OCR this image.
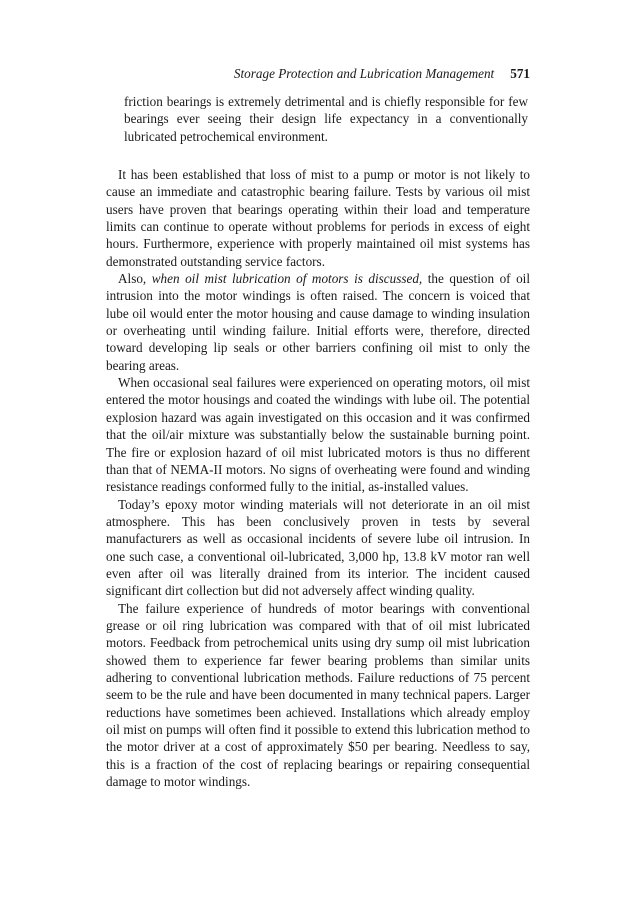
Storage Protection and Lubrication Management 571

friction bearings is extremely detrimental and is chiefly responsible for few bearings ever seeing their design life expectancy in a conventionally lubricated petrochemical environment.

It has been established that loss of mist to a pump or motor is not likely to cause an immediate and catastrophic bearing failure. Tests by various oil mist users have proven that bearings operating within their load and temperature limits can continue to operate without problems for periods in excess of eight hours. Furthermore, experience with properly maintained oil mist systems has demonstrated outstanding service factors.

Also, when oil mist lubrication of motors is discussed, the question of oil intrusion into the motor windings is often raised. The concern is voiced that lube oil would enter the motor housing and cause damage to winding insulation or overheating until winding failure. Initial efforts were, therefore, directed toward developing lip seals or other barriers confining oil mist to only the bearing areas.

When occasional seal failures were experienced on operating motors, oil mist entered the motor housings and coated the windings with lube oil. The potential explosion hazard was again investigated on this occasion and it was confirmed that the oil/air mixture was substantially below the sustainable burning point. The fire or explosion hazard of oil mist lubricated motors is thus no different than that of NEMA-II motors. No signs of overheating were found and winding resistance readings conformed fully to the initial, as-installed values.

Today’s epoxy motor winding materials will not deteriorate in an oil mist atmosphere. This has been conclusively proven in tests by several manufacturers as well as occasional incidents of severe lube oil intrusion. In one such case, a conventional oil-lubricated, 3,000 hp, 13.8 kV motor ran well even after oil was literally drained from its interior. The incident caused significant dirt collection but did not adversely affect winding quality.

The failure experience of hundreds of motor bearings with conventional grease or oil ring lubrication was compared with that of oil mist lubricated motors. Feedback from petrochemical units using dry sump oil mist lubrication showed them to experience far fewer bearing problems than similar units adhering to conventional lubrication methods. Failure reductions of 75 percent seem to be the rule and have been documented in many technical papers. Larger reductions have sometimes been achieved. Installations which already employ oil mist on pumps will often find it possible to extend this lubrication method to the motor driver at a cost of approximately $50 per bearing. Needless to say, this is a fraction of the cost of replacing bearings or repairing consequential damage to motor windings.
